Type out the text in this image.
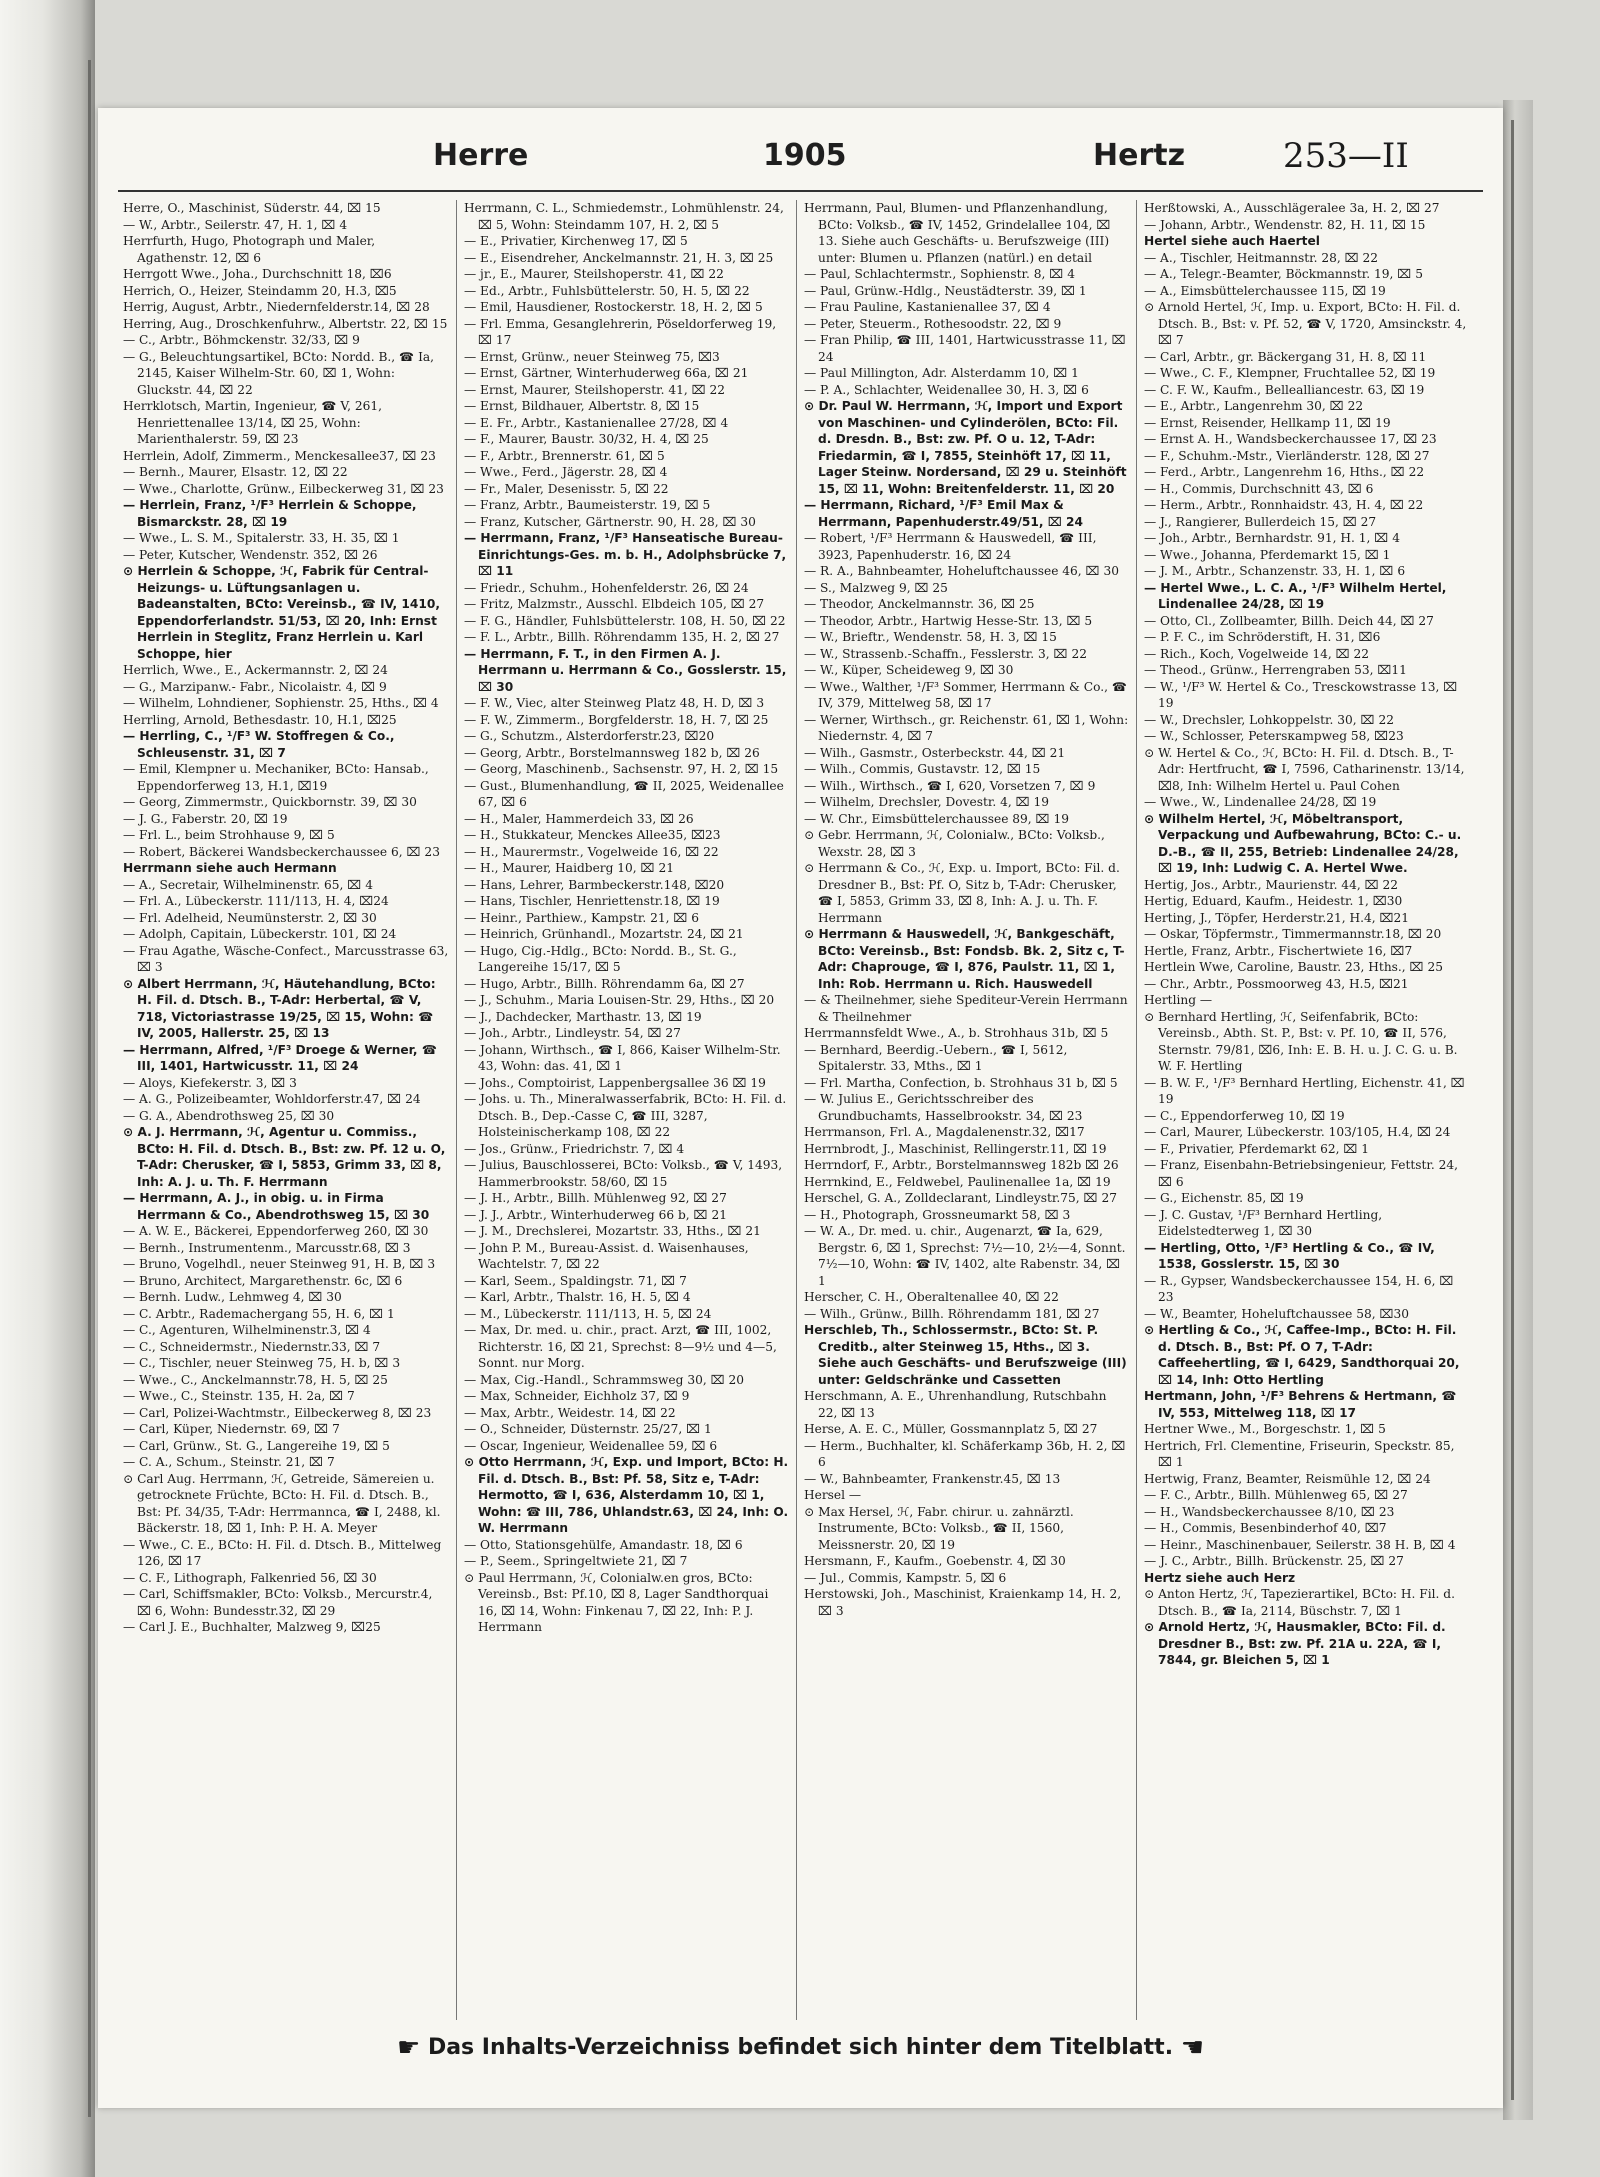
Herre	1905	Hertz	253—II

Herre, O., Maschinist, Süderstr. 44, ⌧ 15

— W., Arbtr., Seilerstr. 47, H. 1, ⌧ 4

Herrfurth, Hugo, Photograph und Maler, Agathenstr. 12, ⌧ 6

Herrgott Wwe., Joha., Durchschnitt 18, ⌧6

Herrich, O., Heizer, Steindamm 20, H.3, ⌧5

Herrig, August, Arbtr., Niedernfelderstr.14, ⌧ 28

Herring, Aug., Droschkenfuhrw., Albertstr. 22, ⌧ 15

— C., Arbtr., Böhmckenstr. 32/33, ⌧ 9

— G., Beleuchtungsartikel, BCto: Nordd. B., ☎ Ia, 2145, Kaiser Wilhelm-Str. 60, ⌧ 1, Wohn: Gluckstr. 44, ⌧ 22

Herrklotsch, Martin, Ingenieur, ☎ V, 261, Henriettenallee 13/14, ⌧ 25, Wohn: Marienthalerstr. 59, ⌧ 23

Herrlein, Adolf, Zimmerm., Menckesallee37, ⌧ 23

— Bernh., Maurer, Elsastr. 12, ⌧ 22

— Wwe., Charlotte, Grünw., Eilbeckerweg 31, ⌧ 23

— Herrlein, Franz, ¹/F³ Herrlein & Schoppe, Bismarckstr. 28, ⌧ 19

— Wwe., L. S. M., Spitalerstr. 33, H. 35, ⌧ 1

— Peter, Kutscher, Wendenstr. 352, ⌧ 26

⊙ Herrlein & Schoppe, ℋ, Fabrik für Central-Heizungs- u. Lüftungsanlagen u. Badeanstalten, BCto: Vereinsb., ☎ IV, 1410, Eppendorferlandstr. 51/53, ⌧ 20, Inh: Ernst Herrlein in Steglitz, Franz Herrlein u. Karl Schoppe, hier

Herrlich, Wwe., E., Ackermannstr. 2, ⌧ 24

— G., Marzipanw.- Fabr., Nicolaistr. 4, ⌧ 9

— Wilhelm, Lohndiener, Sophienstr. 25, Hths., ⌧ 4

Herrling, Arnold, Bethesdastr. 10, H.1, ⌧25

— Herrling, C., ¹/F³ W. Stoffregen & Co., Schleusenstr. 31, ⌧ 7

— Emil, Klempner u. Mechaniker, BCto: Hansab., Eppendorferweg 13, H.1, ⌧19

— Georg, Zimmermstr., Quickbornstr. 39, ⌧ 30

— J. G., Faberstr. 20, ⌧ 19

— Frl. L., beim Strohhause 9, ⌧ 5

— Robert, Bäckerei Wandsbeckerchaussee 6, ⌧ 23

Herrmann siehe auch Hermann

— A., Secretair, Wilhelminenstr. 65, ⌧ 4

— Frl. A., Lübeckerstr. 111/113, H. 4, ⌧24

— Frl. Adelheid, Neumünsterstr. 2, ⌧ 30

— Adolph, Capitain, Lübeckerstr. 101, ⌧ 24

— Frau Agathe, Wäsche-Confect., Marcusstrasse 63, ⌧ 3

⊙ Albert Herrmann, ℋ, Häutehandlung, BCto: H. Fil. d. Dtsch. B., T-Adr: Herbertal, ☎ V, 718, Victoriastrasse 19/25, ⌧ 15, Wohn: ☎ IV, 2005, Hallerstr. 25, ⌧ 13

— Herrmann, Alfred, ¹/F³ Droege & Werner, ☎ III, 1401, Hartwicusstr. 11, ⌧ 24

— Aloys, Kiefekerstr. 3, ⌧ 3

— A. G., Polizeibeamter, Wohldorferstr.47, ⌧ 24

— G. A., Abendrothsweg 25, ⌧ 30

⊙ A. J. Herrmann, ℋ, Agentur u. Commiss., BCto: H. Fil. d. Dtsch. B., Bst: zw. Pf. 12 u. O, T-Adr: Cherusker, ☎ I, 5853, Grimm 33, ⌧ 8, Inh: A. J. u. Th. F. Herrmann

— Herrmann, A. J., in obig. u. in Firma Herrmann & Co., Abendrothsweg 15, ⌧ 30

— A. W. E., Bäckerei, Eppendorferweg 260, ⌧ 30

— Bernh., Instrumentenm., Marcusstr.68, ⌧ 3

— Bruno, Vogelhdl., neuer Steinweg 91, H. B, ⌧ 3

— Bruno, Architect, Margarethenstr. 6c, ⌧ 6

— Bernh. Ludw., Lehmweg 4, ⌧ 30

— C. Arbtr., Rademachergang 55, H. 6, ⌧ 1

— C., Agenturen, Wilhelminenstr.3, ⌧ 4

— C., Schneidermstr., Niedernstr.33, ⌧ 7

— C., Tischler, neuer Steinweg 75, H. b, ⌧ 3

— Wwe., C., Anckelmannstr.78, H. 5, ⌧ 25

— Wwe., C., Steinstr. 135, H. 2a, ⌧ 7

— Carl, Polizei-Wachtmstr., Eilbeckerweg 8, ⌧ 23

— Carl, Küper, Niedernstr. 69, ⌧ 7

— Carl, Grünw., St. G., Langereihe 19, ⌧ 5

— C. A., Schum., Steinstr. 21, ⌧ 7

⊙ Carl Aug. Herrmann, ℋ, Getreide, Sämereien u. getrocknete Früchte, BCto: H. Fil. d. Dtsch. B., Bst: Pf. 34/35, T-Adr: Herrmannca, ☎ I, 2488, kl. Bäckerstr. 18, ⌧ 1, Inh: P. H. A. Meyer

— Wwe., C. E., BCto: H. Fil. d. Dtsch. B., Mittelweg 126, ⌧ 17

— C. F., Lithograph, Falkenried 56, ⌧ 30

— Carl, Schiffsmakler, BCto: Volksb., Mercurstr.4, ⌧ 6, Wohn: Bundesstr.32, ⌧ 29

— Carl J. E., Buchhalter, Malzweg 9, ⌧25

Herrmann, C. L., Schmiedemstr., Lohmühlenstr. 24, ⌧ 5, Wohn: Steindamm 107, H. 2, ⌧ 5

— E., Privatier, Kirchenweg 17, ⌧ 5

— E., Eisendreher, Anckelmannstr. 21, H. 3, ⌧ 25

— jr., E., Maurer, Steilshoperstr. 41, ⌧ 22

— Ed., Arbtr., Fuhlsbüttelerstr. 50, H. 5, ⌧ 22

— Emil, Hausdiener, Rostockerstr. 18, H. 2, ⌧ 5

— Frl. Emma, Gesanglehrerin, Pöseldorferweg 19, ⌧ 17

— Ernst, Grünw., neuer Steinweg 75, ⌧3

— Ernst, Gärtner, Winterhuderweg 66a, ⌧ 21

— Ernst, Maurer, Steilshoperstr. 41, ⌧ 22

— Ernst, Bildhauer, Albertstr. 8, ⌧ 15

— E. Fr., Arbtr., Kastanienallee 27/28, ⌧ 4

— F., Maurer, Baustr. 30/32, H. 4, ⌧ 25

— F., Arbtr., Brennerstr. 61, ⌧ 5

— Wwe., Ferd., Jägerstr. 28, ⌧ 4

— Fr., Maler, Desenisstr. 5, ⌧ 22

— Franz, Arbtr., Baumeisterstr. 19, ⌧ 5

— Franz, Kutscher, Gärtnerstr. 90, H. 28, ⌧ 30

— Herrmann, Franz, ¹/F³ Hanseatische Bureau-Einrichtungs-Ges. m. b. H., Adolphsbrücke 7, ⌧ 11

— Friedr., Schuhm., Hohenfelderstr. 26, ⌧ 24

— Fritz, Malzmstr., Ausschl. Elbdeich 105, ⌧ 27

— F. G., Händler, Fuhlsbüttelerstr. 108, H. 50, ⌧ 22

— F. L., Arbtr., Billh. Röhrendamm 135, H. 2, ⌧ 27

— Herrmann, F. T., in den Firmen A. J. Herrmann u. Herrmann & Co., Gosslerstr. 15, ⌧ 30

— F. W., Viec, alter Steinweg Platz 48, H. D, ⌧ 3

— F. W., Zimmerm., Borgfelderstr. 18, H. 7, ⌧ 25

— G., Schutzm., Alsterdorferstr.23, ⌧20

— Georg, Arbtr., Borstelmannsweg 182 b, ⌧ 26

— Georg, Maschinenb., Sachsenstr. 97, H. 2, ⌧ 15

— Gust., Blumenhandlung, ☎ II, 2025, Weidenallee 67, ⌧ 6

— H., Maler, Hammerdeich 33, ⌧ 26

— H., Stukkateur, Menckes Allee35, ⌧23

— H., Maurermstr., Vogelweide 16, ⌧ 22

— H., Maurer, Haidberg 10, ⌧ 21

— Hans, Lehrer, Barmbeckerstr.148, ⌧20

— Hans, Tischler, Henriettenstr.18, ⌧ 19

— Heinr., Parthiew., Kampstr. 21, ⌧ 6

— Heinrich, Grünhandl., Mozartstr. 24, ⌧ 21

— Hugo, Cig.-Hdlg., BCto: Nordd. B., St. G., Langereihe 15/17, ⌧ 5

— Hugo, Arbtr., Billh. Röhrendamm 6a, ⌧ 27

— J., Schuhm., Maria Louisen-Str. 29, Hths., ⌧ 20

— J., Dachdecker, Marthastr. 13, ⌧ 19

— Joh., Arbtr., Lindleystr. 54, ⌧ 27

— Johann, Wirthsch., ☎ I, 866, Kaiser Wilhelm-Str. 43, Wohn: das. 41, ⌧ 1

— Johs., Comptoirist, Lappenbergsallee 36 ⌧ 19

— Johs. u. Th., Mineralwasserfabrik, BCto: H. Fil. d. Dtsch. B., Dep.-Casse C, ☎ III, 3287, Holsteinischerkamp 108, ⌧ 22

— Jos., Grünw., Friedrichstr. 7, ⌧ 4

— Julius, Bauschlosserei, BCto: Volksb., ☎ V, 1493, Hammerbrookstr. 58/60, ⌧ 15

— J. H., Arbtr., Billh. Mühlenweg 92, ⌧ 27

— J. J., Arbtr., Winterhuderweg 66 b, ⌧ 21

— J. M., Drechslerei, Mozartstr. 33, Hths., ⌧ 21

— John P. M., Bureau-Assist. d. Waisenhauses, Wachtelstr. 7, ⌧ 22

— Karl, Seem., Spaldingstr. 71, ⌧ 7

— Karl, Arbtr., Thalstr. 16, H. 5, ⌧ 4

— M., Lübeckerstr. 111/113, H. 5, ⌧ 24

— Max, Dr. med. u. chir., pract. Arzt, ☎ III, 1002, Richterstr. 16, ⌧ 21, Sprechst: 8—9½ und 4—5, Sonnt. nur Morg.

— Max, Cig.-Handl., Schrammsweg 30, ⌧ 20

— Max, Schneider, Eichholz 37, ⌧ 9

— Max, Arbtr., Weidestr. 14, ⌧ 22

— O., Schneider, Düsternstr. 25/27, ⌧ 1

— Oscar, Ingenieur, Weidenallee 59, ⌧ 6

⊙ Otto Herrmann, ℋ, Exp. und Import, BCto: H. Fil. d. Dtsch. B., Bst: Pf. 58, Sitz e, T-Adr: Hermotto, ☎ I, 636, Alsterdamm 10, ⌧ 1, Wohn: ☎ III, 786, Uhlandstr.63, ⌧ 24, Inh: O. W. Herrmann

— Otto, Stationsgehülfe, Amandastr. 18, ⌧ 6

— P., Seem., Springeltwiete 21, ⌧ 7

⊙ Paul Herrmann, ℋ, Colonialw.en gros, BCto: Vereinsb., Bst: Pf.10, ⌧ 8, Lager Sandthorquai 16, ⌧ 14, Wohn: Finkenau 7, ⌧ 22, Inh: P. J. Herrmann

Herrmann, Paul, Blumen- und Pflanzenhandlung, BCto: Volksb., ☎ IV, 1452, Grindelallee 104, ⌧ 13. Siehe auch Geschäfts- u. Berufszweige (III) unter: Blumen u. Pflanzen (natürl.) en detail

— Paul, Schlachtermstr., Sophienstr. 8, ⌧ 4

— Paul, Grünw.-Hdlg., Neustädterstr. 39, ⌧ 1

— Frau Pauline, Kastanienallee 37, ⌧ 4

— Peter, Steuerm., Rothesoodstr. 22, ⌧ 9

— Fran Philip, ☎ III, 1401, Hartwicusstrasse 11, ⌧ 24

— Paul Millington, Adr. Alsterdamm 10, ⌧ 1

— P. A., Schlachter, Weidenallee 30, H. 3, ⌧ 6

⊙ Dr. Paul W. Herrmann, ℋ, Import und Export von Maschinen- und Cylinderölen, BCto: Fil. d. Dresdn. B., Bst: zw. Pf. O u. 12, T-Adr: Friedarmin, ☎ I, 7855, Steinhöft 17, ⌧ 11, Lager Steinw. Nordersand, ⌧ 29 u. Steinhöft 15, ⌧ 11, Wohn: Breitenfelderstr. 11, ⌧ 20

— Herrmann, Richard, ¹/F³ Emil Max & Herrmann, Papenhuderstr.49/51, ⌧ 24

— Robert, ¹/F³ Herrmann & Hauswedell, ☎ III, 3923, Papenhuderstr. 16, ⌧ 24

— R. A., Bahnbeamter, Hoheluftchaussee 46, ⌧ 30

— S., Malzweg 9, ⌧ 25

— Theodor, Anckelmannstr. 36, ⌧ 25

— Theodor, Arbtr., Hartwig Hesse-Str. 13, ⌧ 5

— W., Brieftr., Wendenstr. 58, H. 3, ⌧ 15

— W., Strassenb.-Schaffn., Fesslerstr. 3, ⌧ 22

— W., Küper, Scheideweg 9, ⌧ 30

— Wwe., Walther, ¹/F³ Sommer, Herrmann & Co., ☎ IV, 379, Mittelweg 58, ⌧ 17

— Werner, Wirthsch., gr. Reichenstr. 61, ⌧ 1, Wohn: Niedernstr. 4, ⌧ 7

— Wilh., Gasmstr., Osterbeckstr. 44, ⌧ 21

— Wilh., Commis, Gustavstr. 12, ⌧ 15

— Wilh., Wirthsch., ☎ I, 620, Vorsetzen 7, ⌧ 9

— Wilhelm, Drechsler, Dovestr. 4, ⌧ 19

— W. Chr., Eimsbüttelerchaussee 89, ⌧ 19

⊙ Gebr. Herrmann, ℋ, Colonialw., BCto: Volksb., Wexstr. 28, ⌧ 3

⊙ Herrmann & Co., ℋ, Exp. u. Import, BCto: Fil. d. Dresdner B., Bst: Pf. O, Sitz b, T-Adr: Cherusker, ☎ I, 5853, Grimm 33, ⌧ 8, Inh: A. J. u. Th. F. Herrmann

⊙ Herrmann & Hauswedell, ℋ, Bankgeschäft, BCto: Vereinsb., Bst: Fondsb. Bk. 2, Sitz c, T-Adr: Chaprouge, ☎ I, 876, Paulstr. 11, ⌧ 1, Inh: Rob. Herrmann u. Rich. Hauswedell

— & Theilnehmer, siehe Spediteur-Verein Herrmann & Theilnehmer

Herrmannsfeldt Wwe., A., b. Strohhaus 31b, ⌧ 5

— Bernhard, Beerdig.-Uebern., ☎ I, 5612, Spitalerstr. 33, Mths., ⌧ 1

— Frl. Martha, Confection, b. Strohhaus 31 b, ⌧ 5

— W. Julius E., Gerichtsschreiber des Grundbuchamts, Hasselbrookstr. 34, ⌧ 23

Herrmanson, Frl. A., Magdalenenstr.32, ⌧17

Herrnbrodt, J., Maschinist, Rellingerstr.11, ⌧ 19

Herrndorf, F., Arbtr., Borstelmannsweg 182b ⌧ 26

Herrnkind, E., Feldwebel, Paulinenallee 1a, ⌧ 19

Herschel, G. A., Zolldeclarant, Lindleystr.75, ⌧ 27

— H., Photograph, Grossneumarkt 58, ⌧ 3

— W. A., Dr. med. u. chir., Augenarzt, ☎ Ia, 629, Bergstr. 6, ⌧ 1, Sprechst: 7½—10, 2½—4, Sonnt. 7½—10, Wohn: ☎ IV, 1402, alte Rabenstr. 34, ⌧ 1

Herscher, C. H., Oberaltenallee 40, ⌧ 22

— Wilh., Grünw., Billh. Röhrendamm 181, ⌧ 27

Herschleb, Th., Schlossermstr., BCto: St. P. Creditb., alter Steinweg 15, Hths., ⌧ 3. Siehe auch Geschäfts- und Berufszweige (III) unter: Geldschränke und Cassetten

Herschmann, A. E., Uhrenhandlung, Rutschbahn 22, ⌧ 13

Herse, A. E. C., Müller, Gossmannplatz 5, ⌧ 27

— Herm., Buchhalter, kl. Schäferkamp 36b, H. 2, ⌧ 6

— W., Bahnbeamter, Frankenstr.45, ⌧ 13

Hersel —

⊙ Max Hersel, ℋ, Fabr. chirur. u. zahnärztl. Instrumente, BCto: Volksb., ☎ II, 1560, Meissnerstr. 20, ⌧ 19

Hersmann, F., Kaufm., Goebenstr. 4, ⌧ 30

— Jul., Commis, Kampstr. 5, ⌧ 6

Herstowski, Joh., Maschinist, Kraienkamp 14, H. 2, ⌧ 3

Herßtowski, A., Ausschlägeralee 3a, H. 2, ⌧ 27

— Johann, Arbtr., Wendenstr. 82, H. 11, ⌧ 15

Hertel siehe auch Haertel

— A., Tischler, Heitmannstr. 28, ⌧ 22

— A., Telegr.-Beamter, Böckmannstr. 19, ⌧ 5

— A., Eimsbüttelerchaussee 115, ⌧ 19

⊙ Arnold Hertel, ℋ, Imp. u. Export, BCto: H. Fil. d. Dtsch. B., Bst: v. Pf. 52, ☎ V, 1720, Amsinckstr. 4, ⌧ 7

— Carl, Arbtr., gr. Bäckergang 31, H. 8, ⌧ 11

— Wwe., C. F., Klempner, Fruchtallee 52, ⌧ 19

— C. F. W., Kaufm., Bellealliancestr. 63, ⌧ 19

— E., Arbtr., Langenrehm 30, ⌧ 22

— Ernst, Reisender, Hellkamp 11, ⌧ 19

— Ernst A. H., Wandsbeckerchaussee 17, ⌧ 23

— F., Schuhm.-Mstr., Vierländerstr. 128, ⌧ 27

— Ferd., Arbtr., Langenrehm 16, Hths., ⌧ 22

— H., Commis, Durchschnitt 43, ⌧ 6

— Herm., Arbtr., Ronnhaidstr. 43, H. 4, ⌧ 22

— J., Rangierer, Bullerdeich 15, ⌧ 27

— Joh., Arbtr., Bernhardstr. 91, H. 1, ⌧ 4

— Wwe., Johanna, Pferdemarkt 15, ⌧ 1

— J. M., Arbtr., Schanzenstr. 33, H. 1, ⌧ 6

— Hertel Wwe., L. C. A., ¹/F³ Wilhelm Hertel, Lindenallee 24/28, ⌧ 19

— Otto, Cl., Zollbeamter, Billh. Deich 44, ⌧ 27

— P. F. C., im Schröderstift, H. 31, ⌧6

— Rich., Koch, Vogelweide 14, ⌧ 22

— Theod., Grünw., Herrengraben 53, ⌧11

— W., ¹/F³ W. Hertel & Co., Tresckowstrasse 13, ⌧ 19

— W., Drechsler, Lohkoppelstr. 30, ⌧ 22

— W., Schlosser, Petersкampweg 58, ⌧23

⊙ W. Hertel & Co., ℋ, BCto: H. Fil. d. Dtsch. B., T-Adr: Hertfrucht, ☎ I, 7596, Catharinenstr. 13/14, ⌧8, Inh: Wilhelm Hertel u. Paul Cohen

— Wwe., W., Lindenallee 24/28, ⌧ 19

⊙ Wilhelm Hertel, ℋ, Möbeltransport, Verpackung und Aufbewahrung, BCto: C.- u. D.-B., ☎ II, 255, Betrieb: Lindenallee 24/28, ⌧ 19, Inh: Ludwig C. A. Hertel Wwe.

Hertig, Jos., Arbtr., Maurienstr. 44, ⌧ 22

Hertig, Eduard, Kaufm., Heidestr. 1, ⌧30

Herting, J., Töpfer, Herderstr.21, H.4, ⌧21

— Oskar, Töpfermstr., Timmermannstr.18, ⌧ 20

Hertle, Franz, Arbtr., Fischertwiete 16, ⌧7

Hertlein Wwe, Caroline, Baustr. 23, Hths., ⌧ 25

— Chr., Arbtr., Possmoorweg 43, H.5, ⌧21

Hertling —

⊙ Bernhard Hertling, ℋ, Seifenfabrik, BCto: Vereinsb., Abth. St. P., Bst: v. Pf. 10, ☎ II, 576, Sternstr. 79/81, ⌧6, Inh: E. B. H. u. J. C. G. u. B. W. F. Hertling

— B. W. F., ¹/F³ Bernhard Hertling, Eichenstr. 41, ⌧ 19

— C., Eppendorferweg 10, ⌧ 19

— Carl, Maurer, Lübeckerstr. 103/105, H.4, ⌧ 24

— F., Privatier, Pferdemarkt 62, ⌧ 1

— Franz, Eisenbahn-Betriebsingenieur, Fettstr. 24, ⌧ 6

— G., Eichenstr. 85, ⌧ 19

— J. C. Gustav, ¹/F³ Bernhard Hertling, Eidelstedterweg 1, ⌧ 30

— Hertling, Otto, ¹/F³ Hertling & Co., ☎ IV, 1538, Gosslerstr. 15, ⌧ 30

— R., Gypser, Wandsbeckerchaussee 154, H. 6, ⌧ 23

— W., Beamter, Hoheluftchaussee 58, ⌧30

⊙ Hertling & Co., ℋ, Caffee-Imp., BCto: H. Fil. d. Dtsch. B., Bst: Pf. O 7, T-Adr: Caffeehertling, ☎ I, 6429, Sandthorquai 20, ⌧ 14, Inh: Otto Hertling

Hertmann, John, ¹/F³ Behrens & Hertmann, ☎ IV, 553, Mittelweg 118, ⌧ 17

Hertner Wwe., M., Borgeschstr. 1, ⌧ 5

Hertrich, Frl. Clementine, Friseurin, Speckstr. 85, ⌧ 1

Hertwig, Franz, Beamter, Reismühle 12, ⌧ 24

— F. C., Arbtr., Billh. Mühlenweg 65, ⌧ 27

— H., Wandsbeckerchaussee 8/10, ⌧ 23

— H., Commis, Besenbinderhof 40, ⌧7

— Heinr., Maschinenbauer, Seilerstr. 38 H. B, ⌧ 4

— J. C., Arbtr., Billh. Brückenstr. 25, ⌧ 27

Hertz siehe auch Herz

⊙ Anton Hertz, ℋ, Tapezierartikel, BCto: H. Fil. d. Dtsch. B., ☎ Ia, 2114, Büschstr. 7, ⌧ 1

⊙ Arnold Hertz, ℋ, Hausmakler, BCto: Fil. d. Dresdner B., Bst: zw. Pf. 21A u. 22A, ☎ I, 7844, gr. Bleichen 5, ⌧ 1

☛ Das Inhalts-Verzeichniss befindet sich hinter dem Titelblatt. ☚
